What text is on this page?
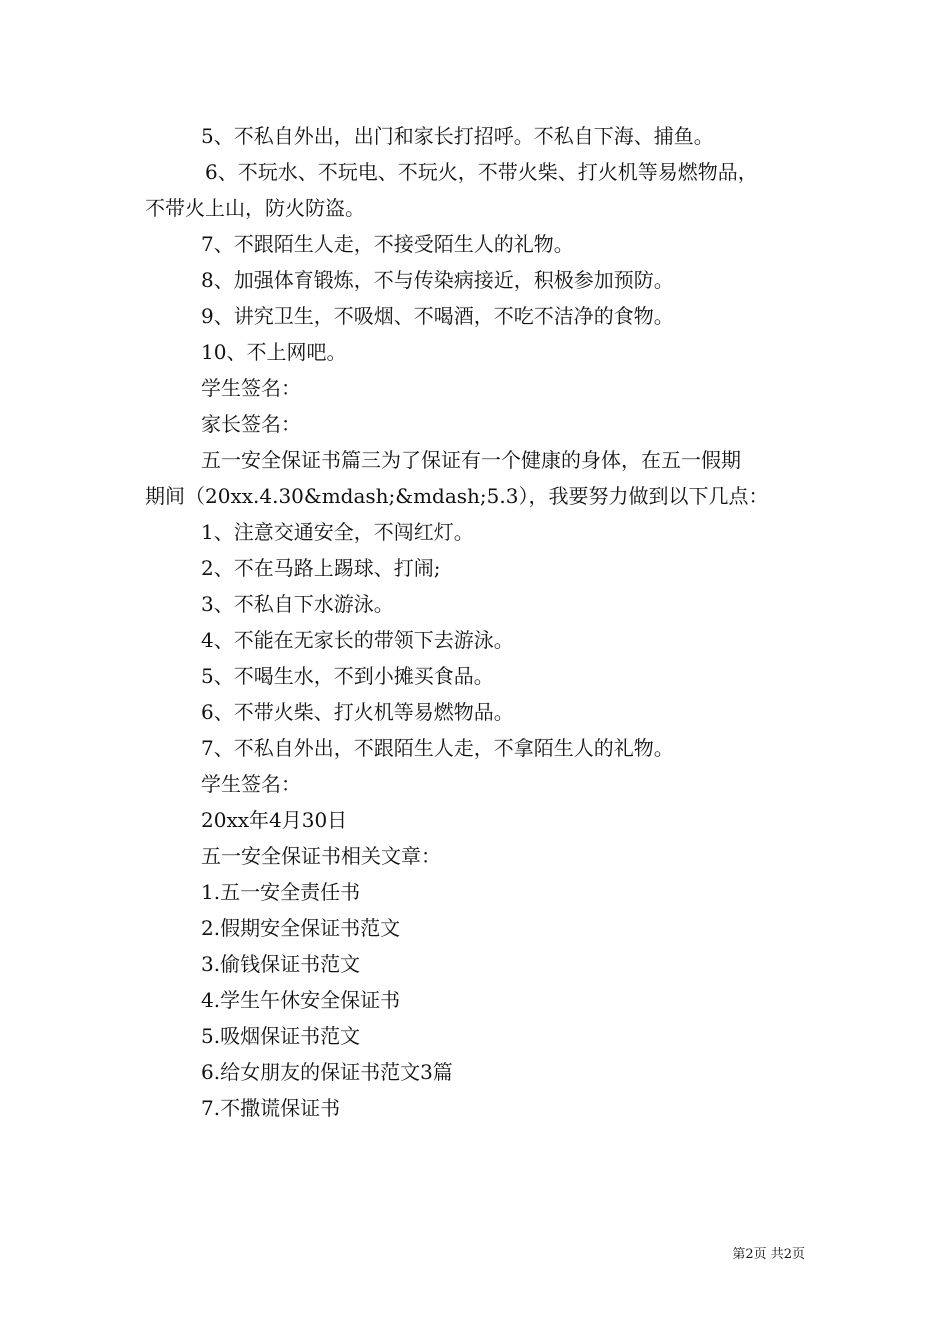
5、不私自外出，出门和家长打招呼。不私自下海、捕鱼。

6、不玩水、不玩电、不玩火，不带火柴、打火机等易燃物品，

不带火上山，防火防盗。

7、不跟陌生人走，不接受陌生人的礼物。

8、加强体育锻炼，不与传染病接近，积极参加预防。

9、讲究卫生，不吸烟、不喝酒，不吃不洁净的食物。

10、不上网吧。

学生签名：

家长签名：

五一安全保证书篇三为了保证有一个健康的身体，在五一假期

期间（20xx.4.30&mdash;&mdash;5.3），我要努力做到以下几点：

1、注意交通安全，不闯红灯。

2、不在马路上踢球、打闹;

3、不私自下水游泳。

4、不能在无家长的带领下去游泳。

5、不喝生水，不到小摊买食品。

6、不带火柴、打火机等易燃物品。

7、不私自外出，不跟陌生人走，不拿陌生人的礼物。

学生签名：

20xx年4月30日

五一安全保证书相关文章：

1.五一安全责任书

2.假期安全保证书范文

3.偷钱保证书范文

4.学生午休安全保证书

5.吸烟保证书范文

6.给女朋友的保证书范文3篇

7.不撒谎保证书

第2页 共2页
